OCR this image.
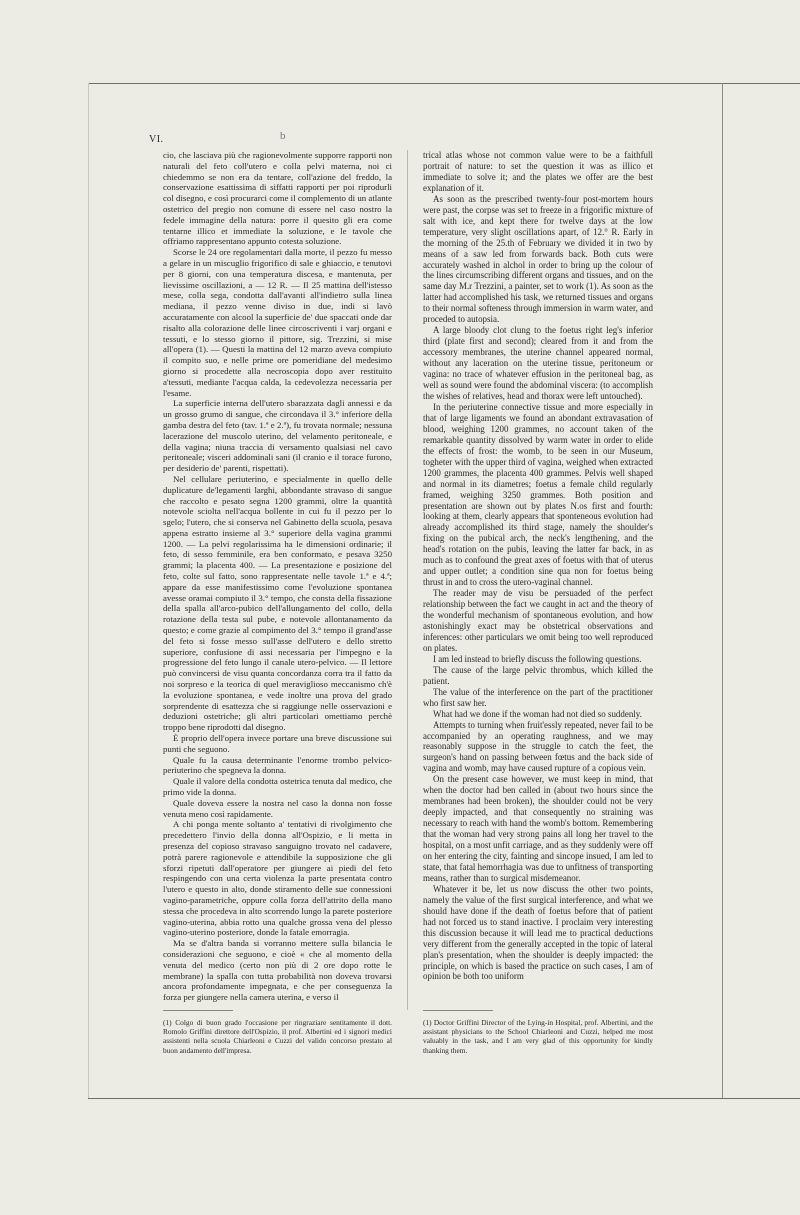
VI.	b

cio, che lasciava più che ragionevolmente supporre rapporti non naturali del feto coll'utero e colla pelvi materna, noi ci chiedemmo se non era da tentare, coll'azione del freddo, la conservazione esattissima di siffatti rapporti per poi riprodurli col disegno, e così procurarci come il complemento di un atlante ostetrico del pregio non comune di essere nel caso nostro la fedele immagine della natura: porre il quesito gli era come tentarne illico et immediate la soluzione, e le tavole che offriamo rappresentano appunto cotesta soluzione.

Scorse le 24 ore regolamentari dalla morte, il pezzo fu messo a gelare in un miscuglio frigorifico di sale e ghiaccio, e tenutovi per 8 giorni, con una temperatura discesa, e mantenuta, per lievissime oscillazioni, a — 12 R. — Il 25 mattina dell'istesso mese, colla sega, condotta dall'avanti all'indietro sulla linea mediana, il pezzo venne diviso in due, indi si lavò accuratamente con alcool la superficie de' due spaccati onde dar risalto alla colorazione delle linee circoscriventi i varj organi e tessuti, e lo stesso giorno il pittore, sig. Trezzini, si mise all'opera (1). — Questi la mattina del 12 marzo aveva compiuto il compito suo, e nelle prime ore pomeridiane del medesimo giorno si procedette alla necroscopia dopo aver restituito a'tessuti, mediante l'acqua calda, la cedevolezza necessaria per l'esame.

La superficie interna dell'utero sbarazzata dagli annessi e da un grosso grumo di sangue, che circondava il 3.° inferiore della gamba destra del feto (tav. 1.ª e 2.ª), fu trovata normale; nessuna lacerazione del muscolo uterino, del velamento peritoneale, e della vagina; niuna traccia di versamento qualsiasi nel cavo peritoneale; visceri addominali sani (il cranio e il torace furono, per desiderio de' parenti, rispettati).

Nel cellulare periuterino, e specialmente in quello delle duplicature de'legamenti larghi, abbondante stravaso di sangue che raccolto e pesato segna 1200 grammi, oltre la quantità notevole sciolta nell'acqua bollente in cui fu il pezzo per lo sgelo; l'utero, che si conserva nel Gabinetto della scuola, pesava appena estratto insieme al 3.° superiore della vagina grammi 1200. — La pelvi regolarissima ha le dimensioni ordinarie; il feto, di sesso femminile, era ben conformato, e pesava 3250 grammi; la placenta 400. — La presentazione e posizione del feto, colte sul fatto, sono rappresentate nelle tavole 1.ª e 4.ª; appare da esse manifestissimo come l'evoluzione spontanea avesse oramai compiuto il 3.° tempo, che consta della fissazione della spalla all'arco-pubico dell'allungamento del collo, della rotazione della testa sul pube, e notevole allontanamento da questo; e come grazie al compimento del 3.° tempo il grand'asse del feto si fosse messo sull'asse dell'utero e dello stretto superiore, confusione di assi necessaria per l'impegno e la progressione del feto lungo il canale utero-pelvico. — Il lettore può convincersi de visu quanta concordanza corra tra il fatto da noi sorpreso e la teorica di quel meraviglioso meccanismo ch'è la evoluzione spontanea, e vede inoltre una prova del grado sorprendente di esattezza che si raggiunge nelle osservazioni e deduzioni ostetriche; gli altri particolari omettiamo perchè troppo bene riprodotti dal disegno.

È proprio dell'opera invece portare una breve discussione sui punti che seguono.

Quale fu la causa determinante l'enorme trombo pelvico-periuterino che spegneva la donna.

Quale il valore della condotta ostetrica tenuta dal medico, che primo vide la donna.

Quale doveva essere la nostra nel caso la donna non fosse venuta meno così rapidamente.

A chi ponga mente soltanto a' tentativi di rivolgimento che precedettero l'invio della donna all'Ospizio, e li metta in presenza del copioso stravaso sanguigno trovato nel cadavere, potrà parere ragionevole e attendibile la supposizione che gli sforzi ripetuti dall'operatore per giungere ai piedi del feto respingendo con una certa violenza la parte presentata contro l'utero e questo in alto, donde stiramento delle sue connessioni vagino-parametriche, oppure colla forza dell'attrito della mano stessa che procedeva in alto scorrendo lungo la parete posteriore vagino-uterina, abbia rotto una qualche grossa vena del plesso vagino-uterino posteriore, donde la fatale emorragia.

Ma se d'altra banda si vorranno mettere sulla bilancia le considerazioni che seguono, e cioè « che al momento della venuta del medico (certo non più di 2 ore dopo rotte le membrane) la spalla con tutta probabilità non doveva trovarsi ancora profondamente impegnata, e che per conseguenza la forza per giungere nella camera uterina, e verso il

trical atlas whose not common value were to be a faithfull portrait of nature: to set the question it was as illico et immediate to solve it; and the plates we offer are the best explanation of it.

As soon as the prescribed twenty-four post-mortem hours were past, the corpse was set to freeze in a frigorific mixture of salt with ice, and kept there for twelve days at the low temperature, very slight oscillations apart, of 12.° R. Early in the morning of the 25.th of February we divided it in two by means of a saw led from forwards back. Both cuts were accurately washed in alchol in order to bring up the colour of the lines circumscribing different organs and tissues, and on the same day M.r Trezzini, a painter, set to work (1). As soon as the latter had accomplished his task, we returned tissues and organs to their normal softeness through immersion in warm water, and proceded to autopsia.

A large bloody clot clung to the foetus right leg's inferior third (plate first and second); cleared from it and from the accessory membranes, the uterine channel appeared normal, without any laceration on the uterine tissue, peritoneum or vagina: no trace of whatever effusion in the peritoneal bag, as well as sound were found the abdominal viscera: (to accomplish the wishes of relatives, head and thorax were left untouched).

In the periuterine connective tissue and more especially in that of large ligaments we found an abondant extravasation of blood, weighing 1200 grammes, no account taken of the remarkable quantity dissolved by warm water in order to elide the effects of frost: the womb, to be seen in our Museum, togheter with the upper third of vagina, weighed when extracted 1200 grammes, the placenta 400 grammes. Pelvis well shaped and normal in its diametres; foetus a female child regularly framed, weighing 3250 grammes. Both position and presentation are shown out by plates N.os first and fourth: looking at them, clearly appears that sponteneous evolution had already accomplished its third stage, namely the shoulder's fixing on the pubical arch, the neck's lengthening, and the head's rotation on the pubis, leaving the latter far back, in as much as to confound the great axes of foetus with that of uterus and upper outlet; a condition sine qua non for foetus being thrust in and to cross the utero-vaginal channel.

The reader may de visu be persuaded of the perfect relationship between the fact we caught in act and the theory of the wonderful mechanism of spontaneous evolution, and how astonishingly exact may be obstetrical observations and inferences: other particulars we omit being too well reproduced on plates.

I am led instead to briefly discuss the following questions.

The cause of the large pelvic thrombus, which killed the patient.

The value of the interference on the part of the practitioner who first saw her.

What had we done if the woman had not died so suddenly.

Attempts to turning when fruit'essly repeated, never fail to be accompanied by an operating raughness, and we may reasonably suppose in the struggle to catch the feet, the surgeon's hand on passing between fœtus and the back side of vagina and womb, may have caused rupture of a copious vein.

On the present case however, we must keep in mind, that when the doctor had ben called in (about two hours since the membranes had been broken), the shoulder could not be very deeply impacted, and that consequently no straining was necessary to reach with hand the womb's bottom. Remembering that the woman had very strong pains all long her travel to the hospital, on a most unfit carriage, and as they suddenly were off on her entering the city, fainting and sincope insued, I am led to state, that fatal hemorrhagia was due to unfitness of transporting means, rather than to surgical misdemeanor.

Whatever it be, let us now discuss the other two points, namely the value of the first surgical interference, and what we should have done if the death of foetus before that of patient had not forced us to stand inactive. I proclaim very interesting this discussion because it will lead me to practical deductions very different from the generally accepted in the topic of lateral plan's presentation, when the shoulder is deeply impacted: the principle, on which is based the practice on such cases, I am of opinion be both too uniform

(1) Colgo di buon grado l'occasione per ringraziare sentitamente il dott. Romolo Griffini direttore dell'Ospizio, il prof. Albertini ed i signori medici assistenti nella scuola Chiarleoni e Cuzzi del valido concorso prestato al buon andamento dell'impresa.
(1) Doctor Griffini Director of the Lying-in Hospital, prof. Albertini, and the assistant physicians to the School Chiarleoni and Cuzzi, helped me most valuably in the task, and I am very glad of this opportunity for kindly thanking them.
